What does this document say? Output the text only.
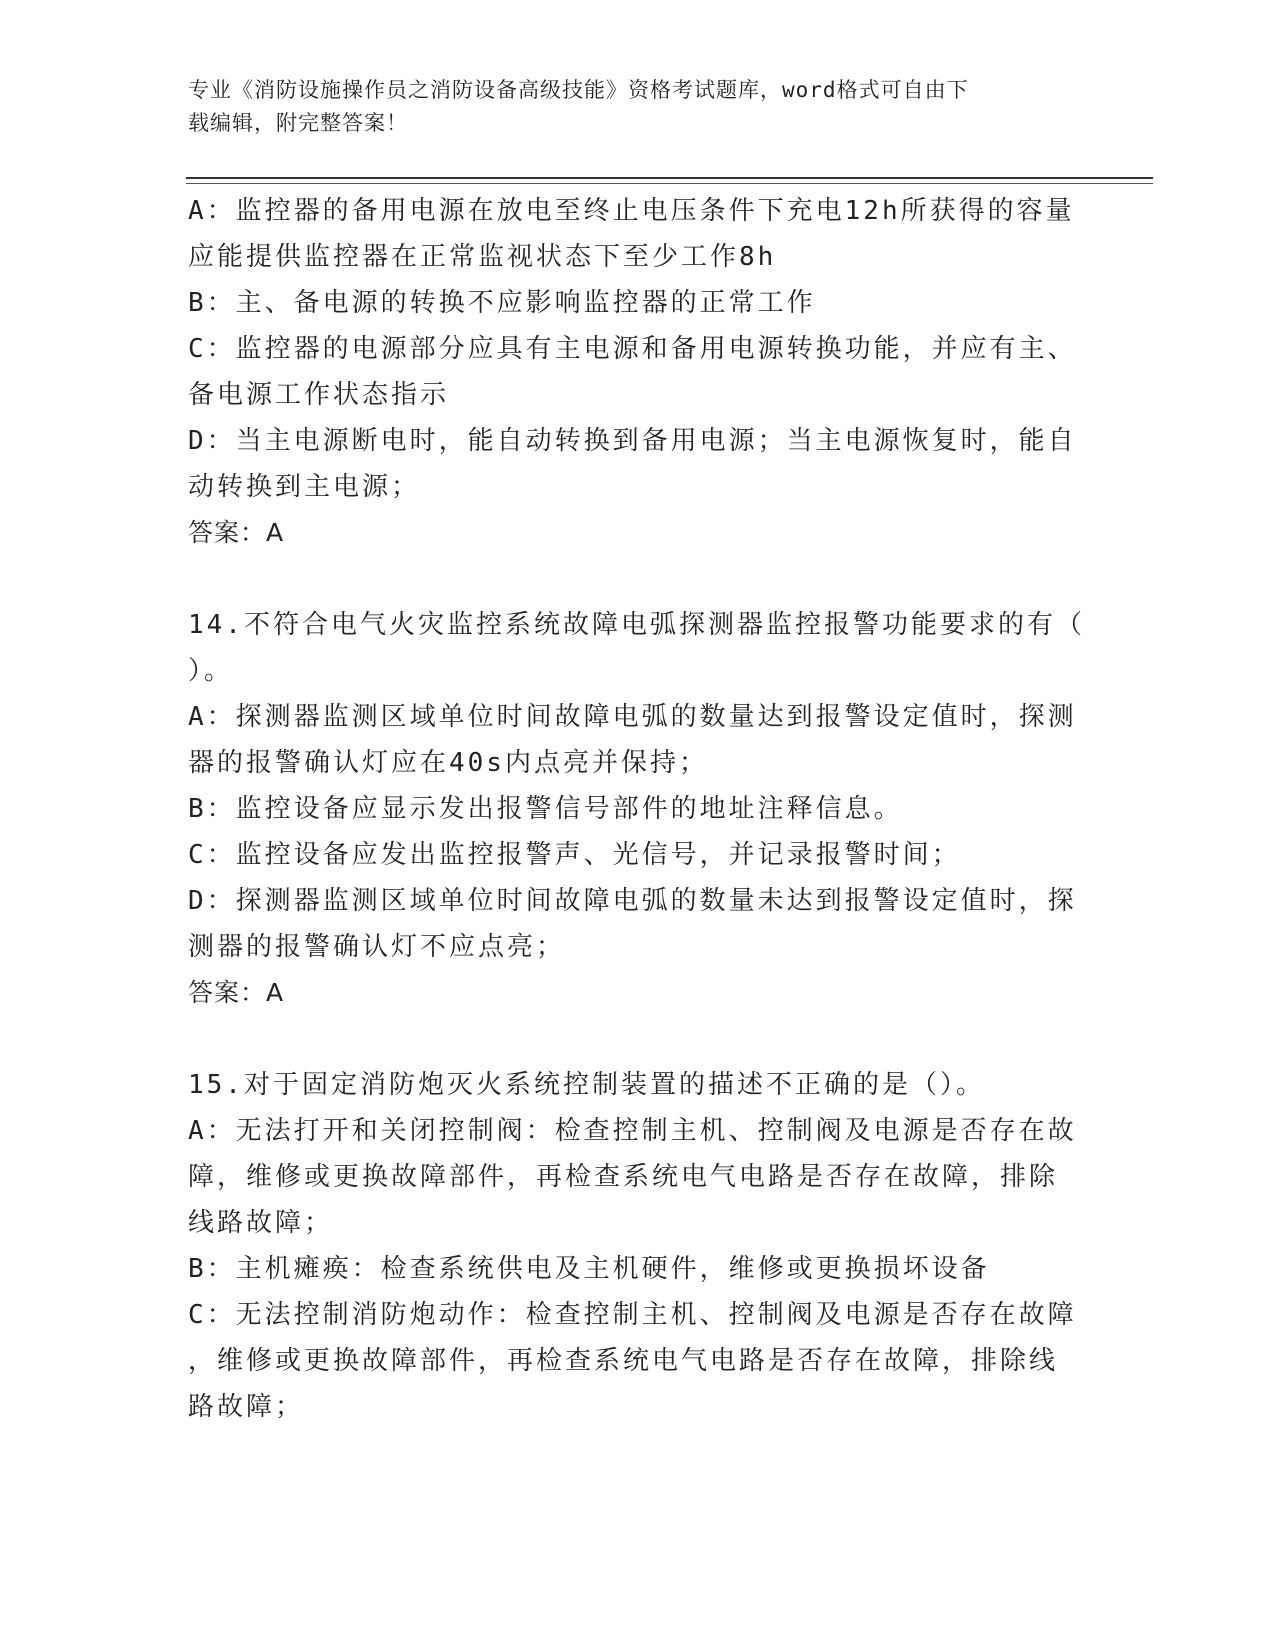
专业《消防设施操作员之消防设备高级技能》资格考试题库，word格式可自由下
载编辑，附完整答案！
A：监控器的备用电源在放电至终止电压条件下充电12h所获得的容量
应能提供监控器在正常监视状态下至少工作8h
B：主、备电源的转换不应影响监控器的正常工作
C：监控器的电源部分应具有主电源和备用电源转换功能，并应有主、
备电源工作状态指示
D：当主电源断电时，能自动转换到备用电源；当主电源恢复时，能自
动转换到主电源；
答案：A
14.不符合电气火灾监控系统故障电弧探测器监控报警功能要求的有（
）。
A：探测器监测区域单位时间故障电弧的数量达到报警设定值时，探测
器的报警确认灯应在40s内点亮并保持；
B：监控设备应显示发出报警信号部件的地址注释信息。
C：监控设备应发出监控报警声、光信号，并记录报警时间；
D：探测器监测区域单位时间故障电弧的数量未达到报警设定值时，探
测器的报警确认灯不应点亮；
答案：A
15.对于固定消防炮灭火系统控制装置的描述不正确的是（）。
A：无法打开和关闭控制阀：检查控制主机、控制阀及电源是否存在故
障，维修或更换故障部件，再检查系统电气电路是否存在故障，排除
线路故障；
B：主机瘫痪：检查系统供电及主机硬件，维修或更换损坏设备
C：无法控制消防炮动作：检查控制主机、控制阀及电源是否存在故障
，维修或更换故障部件，再检查系统电气电路是否存在故障，排除线
路故障；
